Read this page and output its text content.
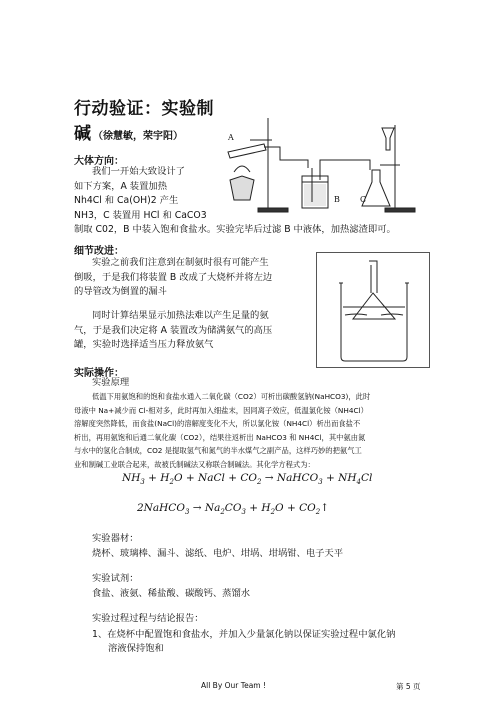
行动验证：实验制
碱 （徐慧敏，荣宇阳）	A
B	C
大体方向：
我们一开始大致设计了
如下方案，A 装置加热
Nh4Cl 和 Ca(OH)2 产生
NH3，C 装置用 HCl 和 CaCO3
制取 C02，B 中装入饱和食盐水。实验完毕后过滤 B 中液体，加热滤渣即可。
细节改进：
实验之前我们注意到在制氨时很有可能产生
倒吸，于是我们将装置 B 改成了大烧杯并将左边
的导管改为倒置的漏斗
同时计算结果显示加热法难以产生足量的氨
气，于是我们决定将 A 装置改为储满氨气的高压
罐，实验时选择适当压力释放氨气
实际操作：
实验原理
低温下用氨饱和的饱和食盐水通入二氧化碳（CO2）可析出碳酸氢钠(NaHCO3)，此时
母液中 Na+减少而 Cl-相对多，此时再加入细盐末，因同离子效应，低温氯化铵（NH4Cl）
溶解度突然降低，而食盐(NaCl)的溶解度变化不大，所以氯化铵（NH4Cl）析出而食盐不
析出，再用氨饱和后通二氧化碳（CO2），结果往返析出 NaHCO3 和 NH4Cl，其中氨由氮
与水中的氢化合制成，CO2 是提取氢气和氮气的半水煤气之副产品，这样巧妙的把氨气工
业和制碱工业联合起来，故被氏制碱法又称联合制碱法。其化学方程式为：
$NH_3 + H_2O$ + NaCl + $CO_2$ → NaHCO$_3$ + $NH_4Cl$
2NaHCO$_3$ → $Na_2CO_3 + H_2O$ + $CO_2↑$
实验器材：
烧杯、玻璃棒、漏斗、滤纸、电炉、坩埚、坩埚钳、电子天平
实验试剂：
食盐、液氨、稀盐酸、碳酸钙、蒸馏水
实验过程过程与结论报告：
1、在烧杯中配置饱和食盐水，并加入少量氯化钠以保证实验过程中氯化钠
溶液保持饱和
All By Our Team !	第 5 页
